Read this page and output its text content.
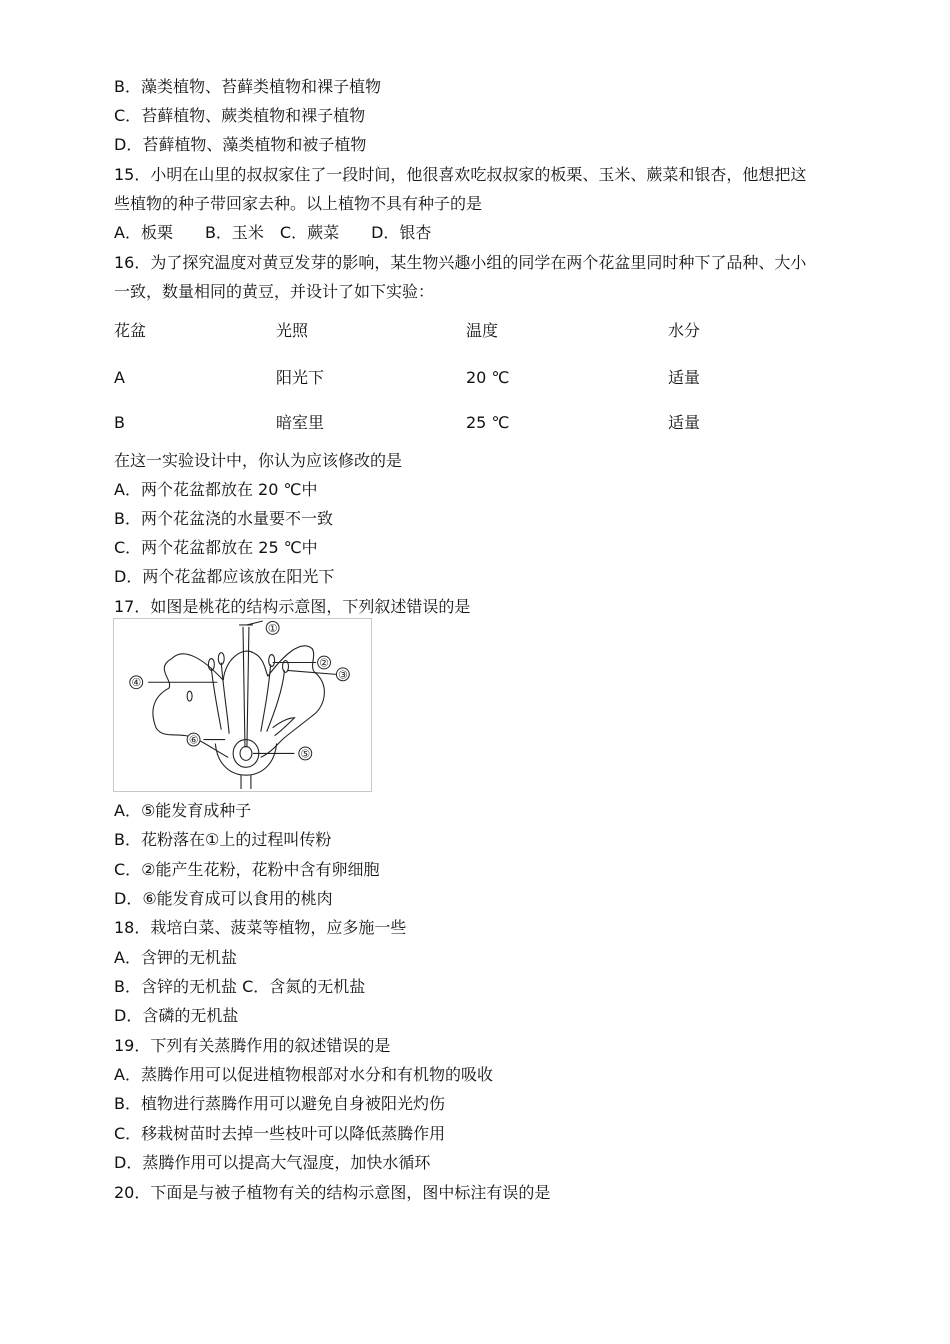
B．藻类植物、苔藓类植物和裸子植物
C．苔藓植物、蕨类植物和裸子植物
D．苔藓植物、藻类植物和被子植物
15．小明在山里的叔叔家住了一段时间，他很喜欢吃叔叔家的板栗、玉米、蕨菜和银杏，他想把这
些植物的种子带回家去种。以上植物不具有种子的是
A．板栗　　B．玉米　C．蕨菜　　D．银杏
16．为了探究温度对黄豆发芽的影响，某生物兴趣小组的同学在两个花盆里同时种下了品种、大小
一致，数量相同的黄豆，并设计了如下实验：
花盆	光照	温度	水分
A	阳光下	20 ℃	适量
B	暗室里	25 ℃	适量
在这一实验设计中，你认为应该修改的是
A．两个花盆都放在 20 ℃中
B．两个花盆浇的水量要不一致
C．两个花盆都放在 25 ℃中
D．两个花盆都应该放在阳光下
17．如图是桃花的结构示意图，下列叙述错误的是
①
②
③
④
⑤
⑥
A．⑤能发育成种子
B．花粉落在①上的过程叫传粉
C．②能产生花粉，花粉中含有卵细胞
D．⑥能发育成可以食用的桃肉
18．栽培白菜、菠菜等植物，应多施一些
A．含钾的无机盐
B．含锌的无机盐 C．含氮的无机盐
D．含磷的无机盐
19．下列有关蒸腾作用的叙述错误的是
A．蒸腾作用可以促进植物根部对水分和有机物的吸收
B．植物进行蒸腾作用可以避免自身被阳光灼伤
C．移栽树苗时去掉一些枝叶可以降低蒸腾作用
D．蒸腾作用可以提高大气湿度，加快水循环
20．下面是与被子植物有关的结构示意图，图中标注有误的是
